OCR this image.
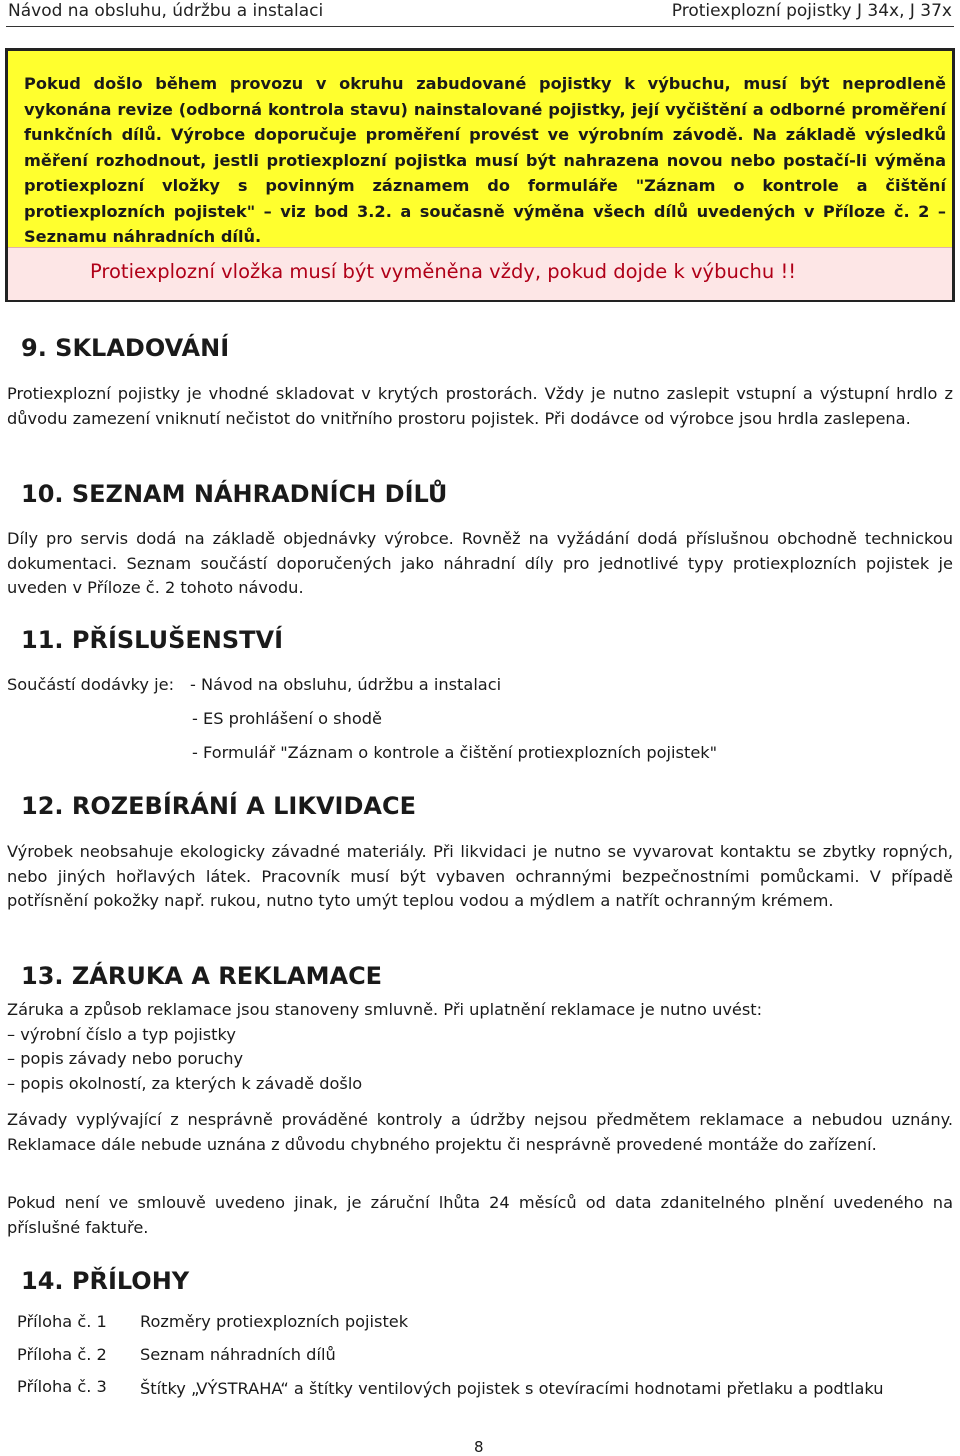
Návod na obsluhu, údržbu a instalaci	Protiexplozní pojistky J 34x, J 37x
Pokud došlo během provozu v okruhu zabudované pojistky k výbuchu, musí být neprodleně vykonána revize (odborná kontrola stavu) nainstalované pojistky, její vyčištění a odborné proměření funkčních dílů. Výrobce doporučuje proměření provést ve výrobním závodě. Na základě výsledků měření rozhodnout, jestli protiexplozní pojistka musí být nahrazena novou nebo postačí-li výměna protiexplozní vložky s povinným záznamem do formuláře "Záznam o kontrole a čištění protiexplozních pojistek" – viz bod 3.2. a současně výměna všech dílů uvedených v Příloze č. 2 – Seznamu náhradních dílů.
Protiexplozní vložka musí být vyměněna vždy, pokud dojde k výbuchu !!
9. SKLADOVÁNÍ
Protiexplozní pojistky je vhodné skladovat v krytých prostorách. Vždy je nutno zaslepit vstupní a výstupní hrdlo z důvodu zamezení vniknutí nečistot do vnitřního prostoru pojistek. Při dodávce od výrobce jsou hrdla zaslepena.
10. SEZNAM NÁHRADNÍCH DÍLŮ
Díly pro servis dodá na základě objednávky výrobce. Rovněž na vyžádání dodá příslušnou obchodně technickou dokumentaci. Seznam součástí doporučených jako náhradní díly pro jednotlivé typy protiexplozních pojistek je uveden v Příloze č. 2 tohoto návodu.
11. PŘÍSLUŠENSTVÍ
Součástí dodávky je: - Návod na obsluhu, údržbu a instalaci
- ES prohlášení o shodě
- Formulář "Záznam o kontrole a čištění protiexplozních pojistek"
12. ROZEBÍRÁNÍ A LIKVIDACE
Výrobek neobsahuje ekologicky závadné materiály. Při likvidaci je nutno se vyvarovat kontaktu se zbytky ropných, nebo jiných hořlavých látek. Pracovník musí být vybaven ochrannými bezpečnostními pomůckami. V případě potřísnění pokožky např. rukou, nutno tyto umýt teplou vodou a mýdlem a natřít ochranným krémem.
13. ZÁRUKA A REKLAMACE
Záruka a způsob reklamace jsou stanoveny smluvně. Při uplatnění reklamace je nutno uvést:
– výrobní číslo a typ pojistky
– popis závady nebo poruchy
– popis okolností, za kterých k závadě došlo
Závady vyplývající z nesprávně prováděné kontroly a údržby nejsou předmětem reklamace a nebudou uznány. Reklamace dále nebude uznána z důvodu chybného projektu či nesprávně provedené montáže do zařízení.
Pokud není ve smlouvě uvedeno jinak, je záruční lhůta 24 měsíců od data zdanitelného plnění uvedeného na příslušné faktuře.
14. PŘÍLOHY
Příloha č. 1 Rozměry protiexplozních pojistek
Příloha č. 2 Seznam náhradních dílů
Příloha č. 3 Štítky „VÝSTRAHA“ a štítky ventilových pojistek s otevíracími hodnotami přetlaku a podtlaku
8
